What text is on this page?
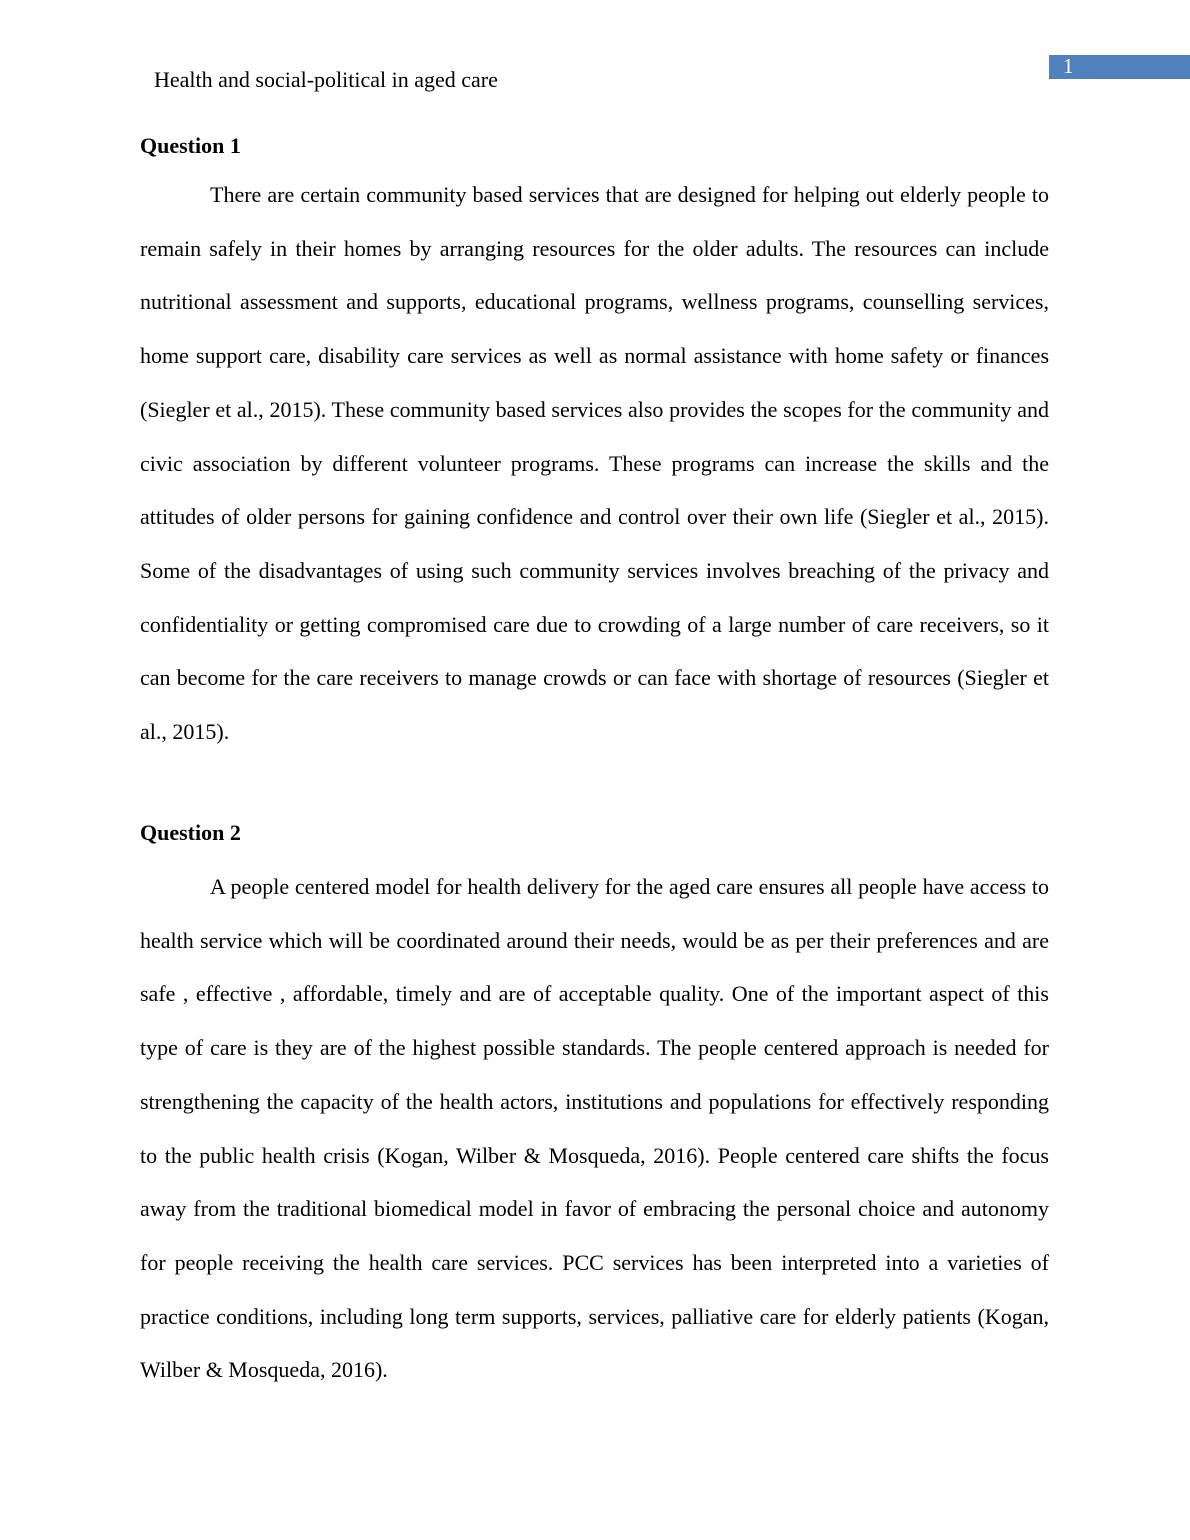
Health and social-political in aged care
1
Question 1

There are certain community based services that are designed for helping out elderly people to remain safely in their homes by arranging resources for the older adults. The resources can include nutritional assessment and supports, educational programs, wellness programs, counselling services, home support care, disability care services as well as normal assistance with home safety or finances (Siegler et al., 2015). These community based services also provides the scopes for the community and civic association by different volunteer programs. These programs can increase the skills and the attitudes of older persons for gaining confidence and control over their own life (Siegler et al., 2015). Some of the disadvantages of using such community services involves breaching of the privacy and confidentiality or getting compromised care due to crowding of a large number of care receivers, so it can become for the care receivers to manage crowds or can face with shortage of resources (Siegler et al., 2015).

Question 2

A people centered model for health delivery for the aged care ensures all people have access to health service which will be coordinated around their needs, would be as per their preferences and are safe , effective , affordable, timely and are of acceptable quality. One of the important aspect of this type of care is they are of the highest possible standards. The people centered approach is needed for strengthening the capacity of the health actors, institutions and populations for effectively responding to the public health crisis (Kogan, Wilber & Mosqueda, 2016). People centered care shifts the focus away from the traditional biomedical model in favor of embracing the personal choice and autonomy for people receiving the health care services. PCC services has been interpreted into a varieties of practice conditions, including long term supports, services, palliative care for elderly patients (Kogan, Wilber & Mosqueda, 2016).
